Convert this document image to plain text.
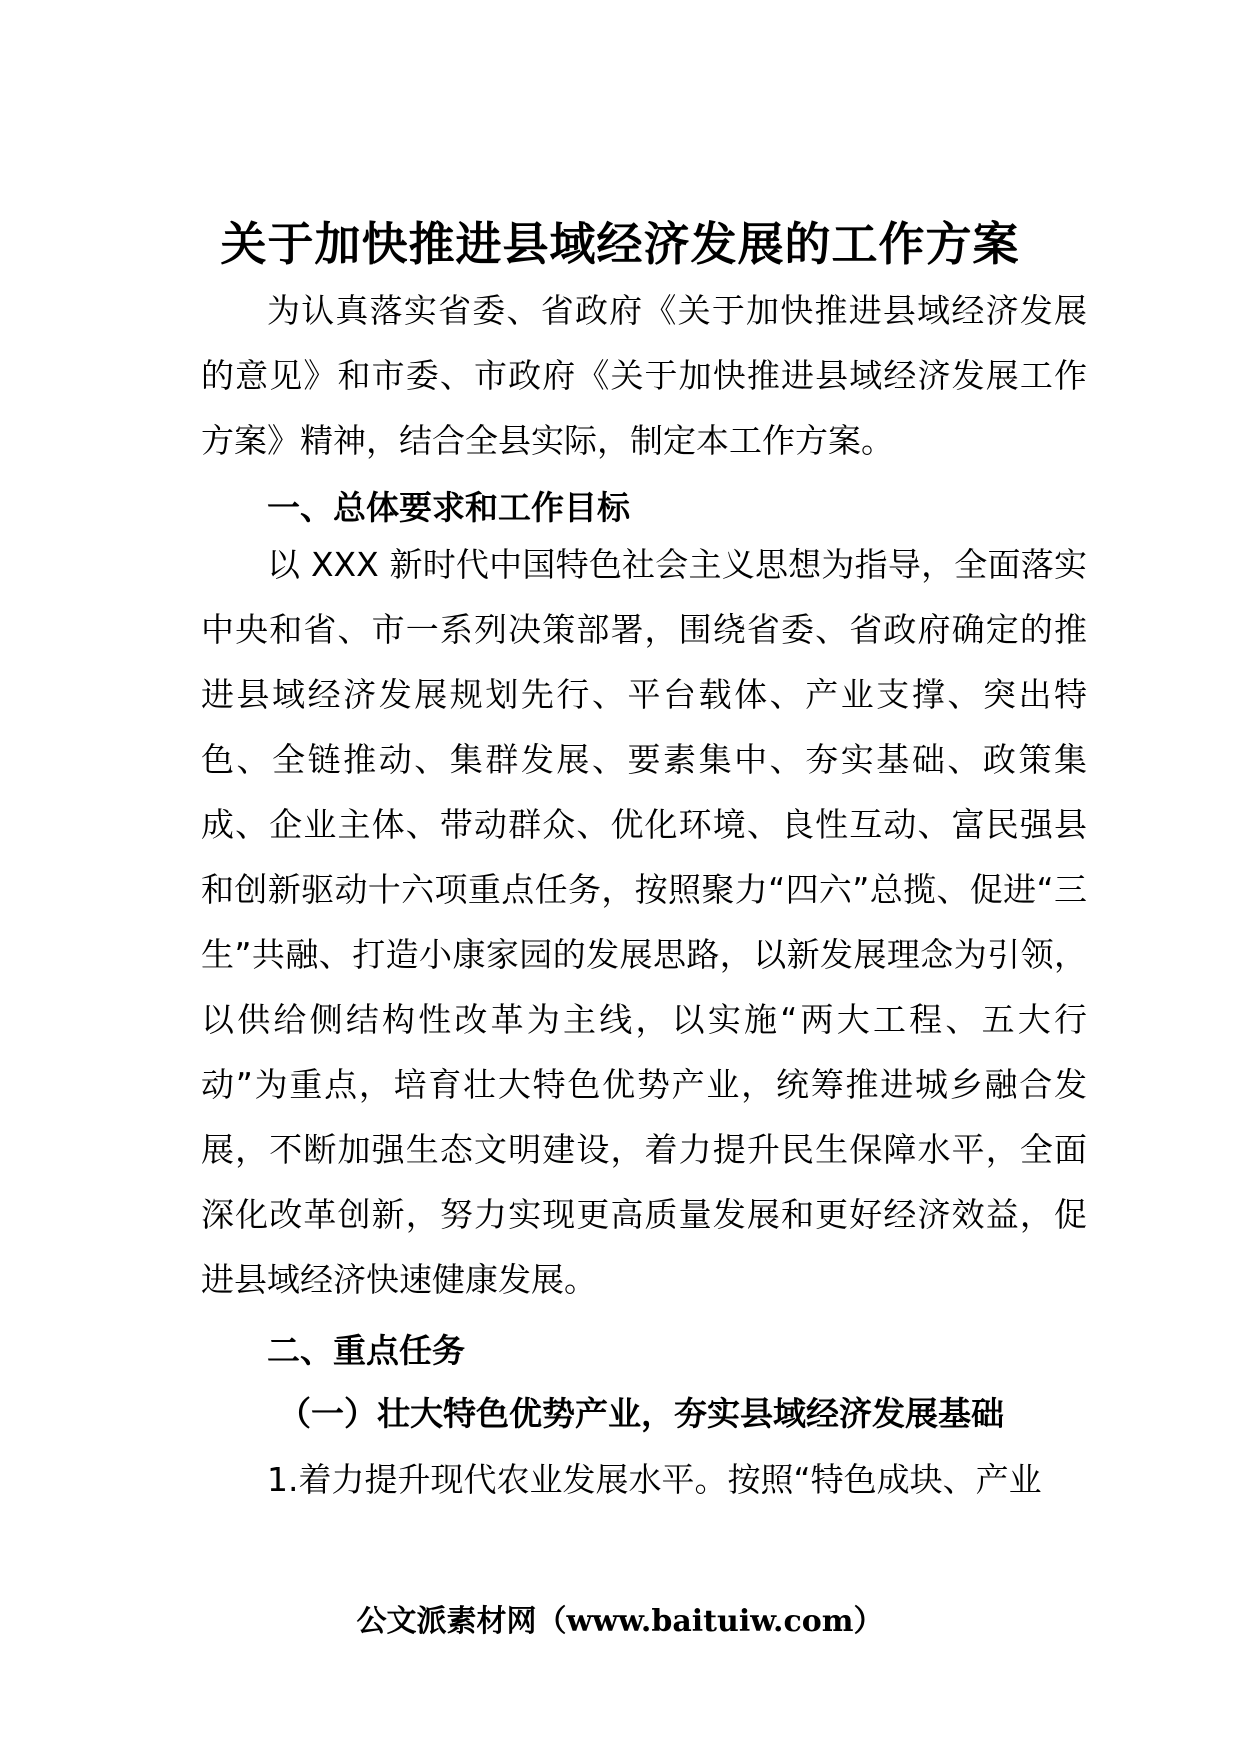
关于加快推进县域经济发展的工作方案
为认真落实省委、省政府《关于加快推进县域经济发展的意见》和市委、市政府《关于加快推进县域经济发展工作方案》精神，结合全县实际，制定本工作方案。
一、总体要求和工作目标
以 XXX 新时代中国特色社会主义思想为指导，全面落实中央和省、市一系列决策部署，围绕省委、省政府确定的推进县域经济发展规划先行、平台载体、产业支撑、突出特色、全链推动、集群发展、要素集中、夯实基础、政策集成、企业主体、带动群众、优化环境、良性互动、富民强县和创新驱动十六项重点任务，按照聚力“四六”总揽、促进“三生”共融、打造小康家园的发展思路，以新发展理念为引领，以供给侧结构性改革为主线，以实施“两大工程、五大行动”为重点，培育壮大特色优势产业，统筹推进城乡融合发展，不断加强生态文明建设，着力提升民生保障水平，全面深化改革创新，努力实现更高质量发展和更好经济效益，促进县域经济快速健康发展。
二、重点任务
（一）壮大特色优势产业，夯实县域经济发展基础
1.着力提升现代农业发展水平。按照“特色成块、产业
公文派素材网（www.baituiw.com）
